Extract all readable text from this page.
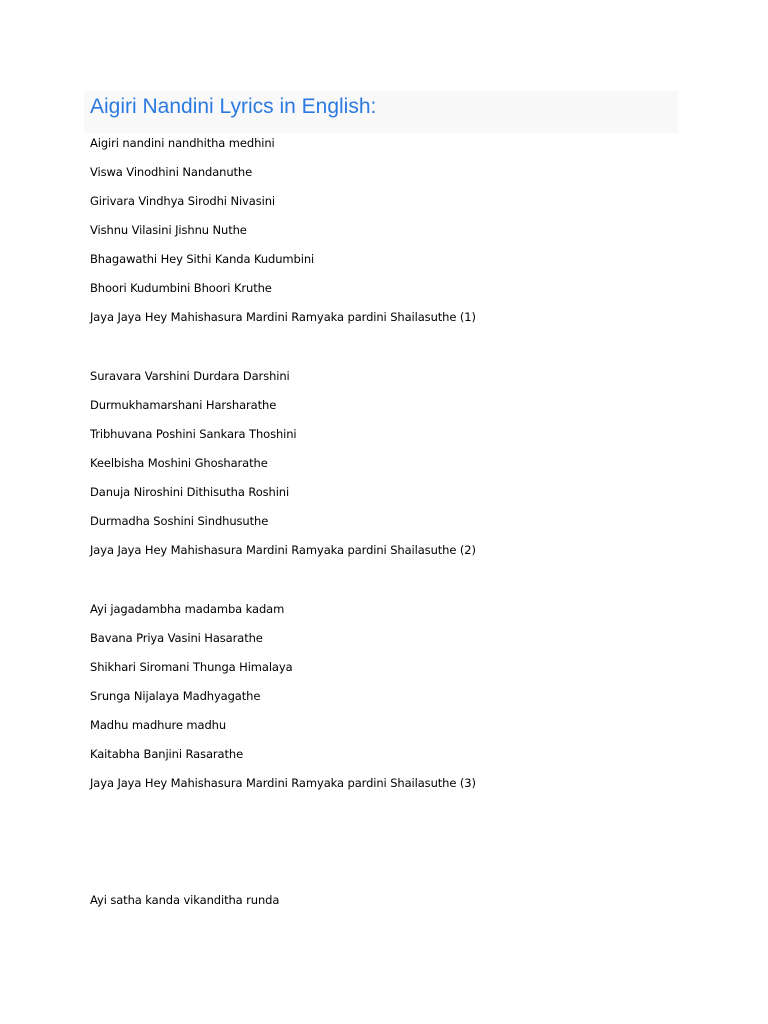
Aigiri Nandini Lyrics in English:

Aigiri nandini nandhitha medhini

Viswa Vinodhini Nandanuthe

Girivara Vindhya Sirodhi Nivasini

Vishnu Vilasini Jishnu Nuthe

Bhagawathi Hey Sithi Kanda Kudumbini

Bhoori Kudumbini Bhoori Kruthe

Jaya Jaya Hey Mahishasura Mardini Ramyaka pardini Shailasuthe (1)

Suravara Varshini Durdara Darshini

Durmukhamarshani Harsharathe

Tribhuvana Poshini Sankara Thoshini

Keelbisha Moshini Ghosharathe

Danuja Niroshini Dithisutha Roshini

Durmadha Soshini Sindhusuthe

Jaya Jaya Hey Mahishasura Mardini Ramyaka pardini Shailasuthe (2)

Ayi jagadambha madamba kadam

Bavana Priya Vasini Hasarathe

Shikhari Siromani Thunga Himalaya

Srunga Nijalaya Madhyagathe

Madhu madhure madhu

Kaitabha Banjini Rasarathe

Jaya Jaya Hey Mahishasura Mardini Ramyaka pardini Shailasuthe (3)

Ayi satha kanda vikanditha runda
